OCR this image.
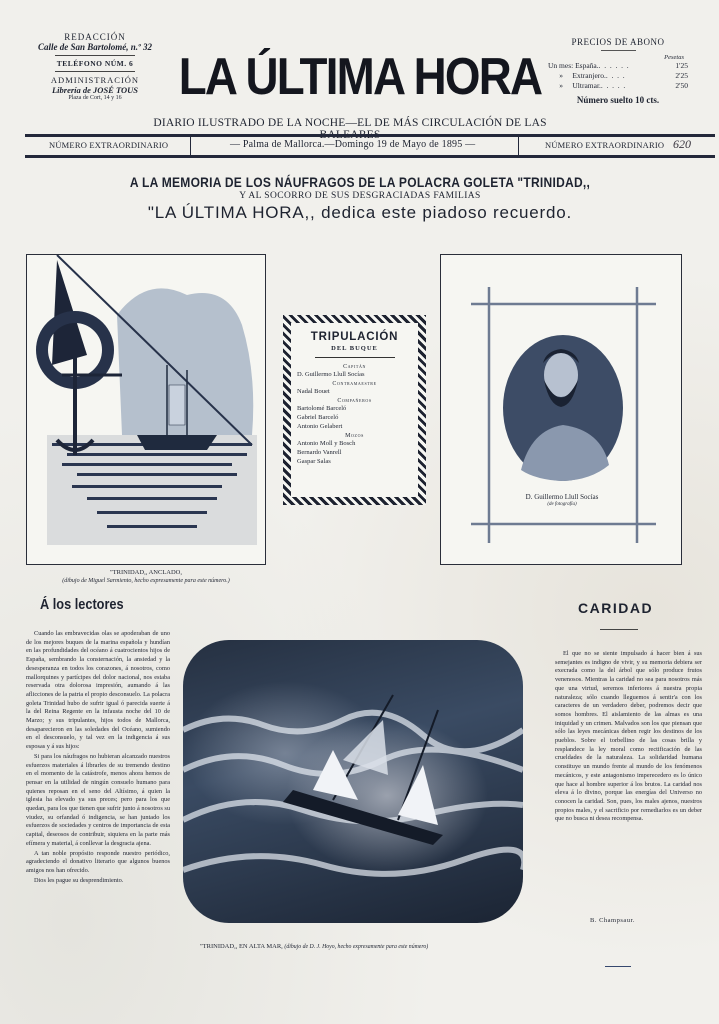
REDACCIÓN
Calle de San Bartolomé, n.º 32
TELÉFONO NÚM. 6
ADMINISTRACIÓN
Librería de JOSÉ TOUS
Plaza de Cort, 14 y 16	LA ÚLTIMA HORA
DIARIO ILUSTRADO DE LA NOCHE—EL DE MÁS CIRCULACIÓN DE LAS BALEARES
PRECIOS DE ABONO
Pesetas
Un mes: España..  .  .  .  .  .	1'25
»     Extranjero..  .  .  .	2'25
»     Ultramar..  .  .  .  .	2'50
Número suelto 10 cts.
NÚMERO EXTRAORDINARIO	— Palma de Mallorca.—Domingo 19 de Mayo de 1895 —	NÚMERO EXTRAORDINARIO 620
A LA MEMORIA DE LOS NÁUFRAGOS DE LA POLACRA GOLETA "TRINIDAD,,
Y AL SOCORRO DE SUS DESGRACIADAS FAMILIAS
"LA ÚLTIMA HORA,, dedica este piadoso recuerdo.
"TRINIDAD,, ANCLADO,
(dibujo de Miguel Sarmiento, hecho expresamente para este número.)
TRIPULACIÓN
DEL BUQUE
Capitán
D. Guillermo Llull Socías
Contramaestre
Nadal Bouet
Compañeros
Bartolomé Barceló
Gabriel Barceló
Antonio Gelabert
Mozos
Antonio Moll y Bosch
Bernardo Vanrell
Gaspar Salas
D. Guillermo Llull Socías
(de fotografía)
Á los lectores

Cuando las embravecidas olas se apoderaban de uno de los mejores buques de la marina española y hundían en las profundidades del océano á cuatrocientos hijos de España, sembrando la consternación, la ansiedad y la desesperanza en todos los corazones, á nosotros, como mallorquines y partícipes del dolor nacional, nos estaba reservada otra dolorosa impresión, aumando á las aflicciones de la patria el propio desconsuelo. La polacra goleta Trinidad hubo de sufrir igual ó parecida suerte á la del Reina Regente en la infausta noche del 10 de Marzo; y sus tripulantes, hijos todos de Mallorca, desaparecieron en las soledades del Océano, sumiendo en el desconsuelo, y tal vez en la indigencia á sus esposas y á sus hijos:

Si para los náufragos no hubieran alcanzado nuestros esfuerzos materiales á librarles de su tremendo destino en el momento de la catástrofe, menos ahora hemos de pensar en la utilidad de ningún consuelo humano para quienes reposan en el seno del Altísimo, á quien la iglesia ha elevado ya sus preces; pero para los que quedan, para los que tienen que sufrir junto á nosotros su viudez, su orfandad ó indigencia, se han juntado los esfuerzos de sociedades y centros de importancia de esta capital, deseosos de contribuir, siquiera en la parte más efímera y material, á conllevar la desgracia ajena.

A tan noble propósito responde nuestro periódico, agradeciendo el donativo literario que algunos buenos amigos nos han ofrecido.

Dios les pague su desprendimiento.

"TRINIDAD,, EN ALTA MAR, (dibujo de D. J. Hoyo, hecho expresamente para este número)
CARIDAD

El que no se siente impulsado á hacer bien á sus semejantes es indigno de vivir, y su memoria debiera ser execrada como la del árbol que sólo produce frutos venenosos. Mientras la caridad no sea para nosotros más que una virtud, seremos inferiores á nuestra propia naturaleza; sólo cuando lleguemos á sentir'a con los caracteres de un verdadero deber, podremos decir que somos hombres. El aislamiento de las almas es una iniquidad y un crimen. Malvados son los que piensan que sólo las leyes mecánicas deben regir los destinos de los pueblos. Sobre el torbellino de las cosas brilla y resplandece la ley moral como rectificación de las crueldades de la naturaleza. La solidaridad humana constituye un mundo frente al mundo de los fenómenos mecánicos, y este antagonismo imperecedero es lo único que hace al hombre superior á los brutos. La caridad nos eleva á lo divino, porque las energías del Universo no conocen la caridad. Son, pues, los males ajenos, nuestros propios males, y el sacrificio por remediarlos es un deber que no busca ni desea recompensa.

B. Champsaur.
